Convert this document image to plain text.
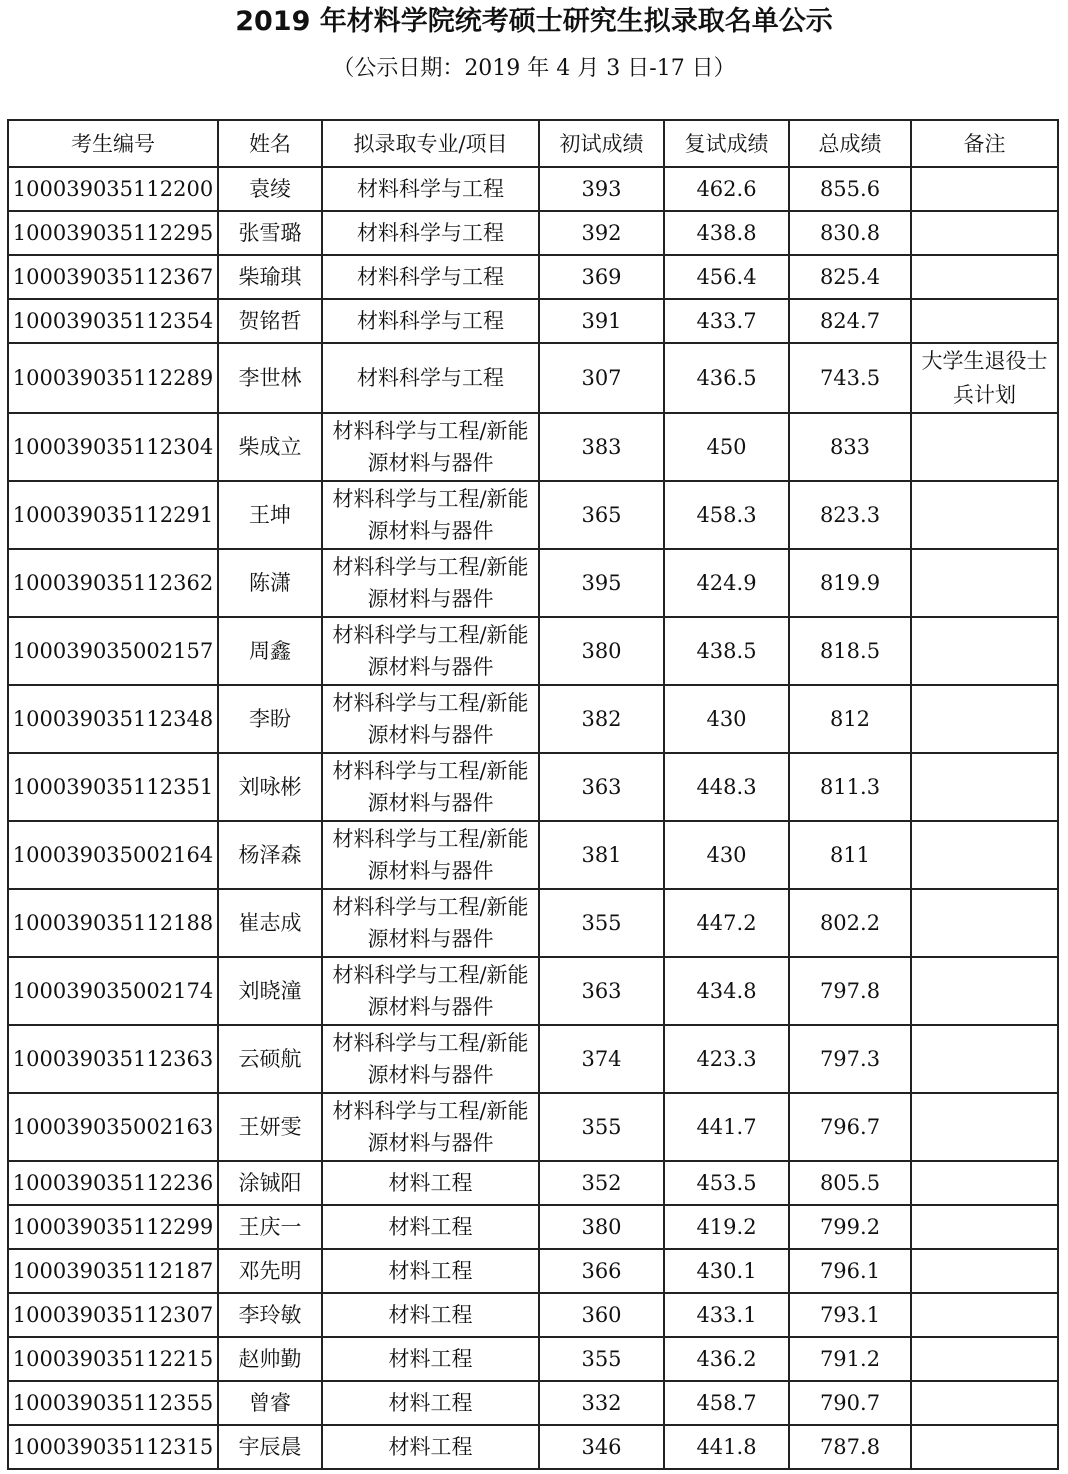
2019 年材料学院统考硕士研究生拟录取名单公示
（公示日期：2019 年 4 月 3 日-17 日）
考生编号	姓名	拟录取专业/项目	初试成绩	复试成绩	总成绩	备注
100039035112200	袁绫	材料科学与工程	393	462.6	855.6	
100039035112295	张雪璐	材料科学与工程	392	438.8	830.8	
100039035112367	柴瑜琪	材料科学与工程	369	456.4	825.4	
100039035112354	贺铭哲	材料科学与工程	391	433.7	824.7	
100039035112289	李世林	材料科学与工程	307	436.5	743.5	大学生退役士兵计划
100039035112304	柴成立	材料科学与工程/新能源材料与器件	383	450	833	
100039035112291	王坤	材料科学与工程/新能源材料与器件	365	458.3	823.3	
100039035112362	陈潇	材料科学与工程/新能源材料与器件	395	424.9	819.9	
100039035002157	周鑫	材料科学与工程/新能源材料与器件	380	438.5	818.5	
100039035112348	李盼	材料科学与工程/新能源材料与器件	382	430	812	
100039035112351	刘咏彬	材料科学与工程/新能源材料与器件	363	448.3	811.3	
100039035002164	杨泽森	材料科学与工程/新能源材料与器件	381	430	811	
100039035112188	崔志成	材料科学与工程/新能源材料与器件	355	447.2	802.2	
100039035002174	刘晓潼	材料科学与工程/新能源材料与器件	363	434.8	797.8	
100039035112363	云硕航	材料科学与工程/新能源材料与器件	374	423.3	797.3	
100039035002163	王妍雯	材料科学与工程/新能源材料与器件	355	441.7	796.7	
100039035112236	涂铖阳	材料工程	352	453.5	805.5	
100039035112299	王庆一	材料工程	380	419.2	799.2	
100039035112187	邓先明	材料工程	366	430.1	796.1	
100039035112307	李玲敏	材料工程	360	433.1	793.1	
100039035112215	赵帅勤	材料工程	355	436.2	791.2	
100039035112355	曾睿	材料工程	332	458.7	790.7	
100039035112315	宇辰晨	材料工程	346	441.8	787.8	
